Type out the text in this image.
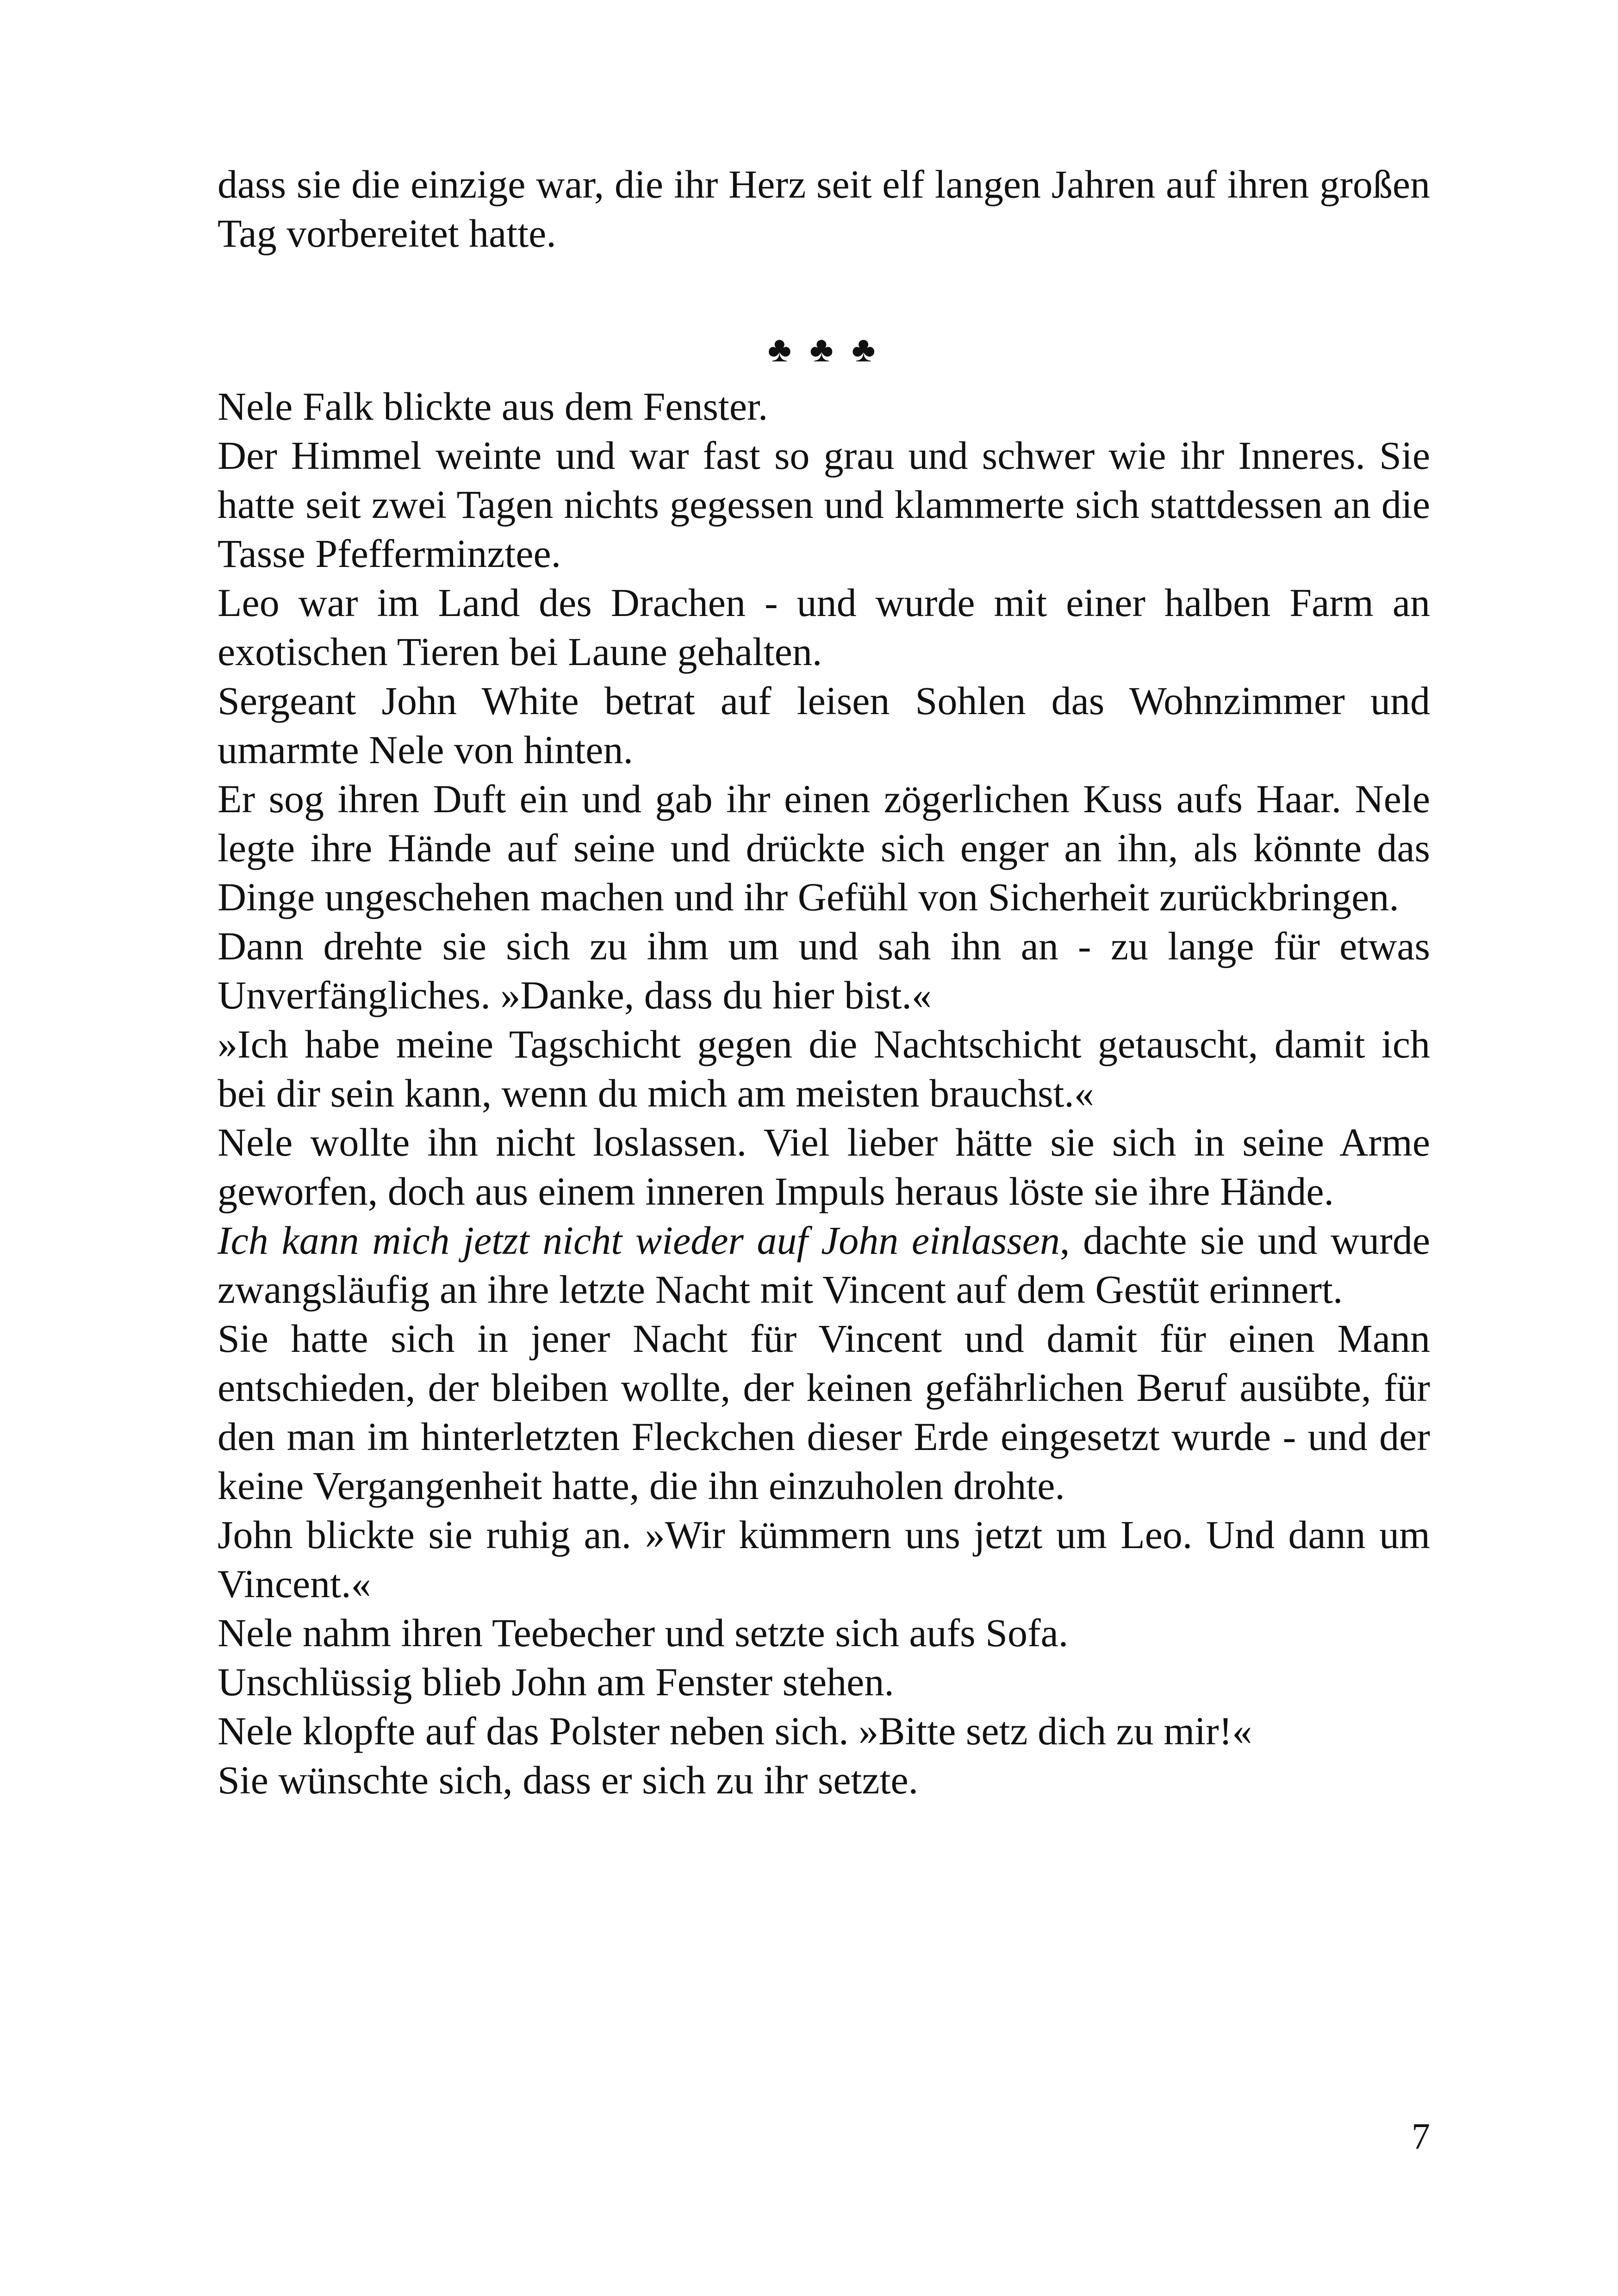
dass sie die einzige war, die ihr Herz seit elf langen Jahren auf ihren großen Tag vorbereitet hatte.

♣ ♣ ♣

Nele Falk blickte aus dem Fenster.

Der Himmel weinte und war fast so grau und schwer wie ihr Inneres. Sie hatte seit zwei Tagen nichts gegessen und klammerte sich stattdessen an die Tasse Pfefferminztee.

Leo war im Land des Drachen - und wurde mit einer halben Farm an exotischen Tieren bei Laune gehalten.

Sergeant John White betrat auf leisen Sohlen das Wohnzimmer und umarmte Nele von hinten.

Er sog ihren Duft ein und gab ihr einen zögerlichen Kuss aufs Haar. Nele legte ihre Hände auf seine und drückte sich enger an ihn, als könnte das Dinge ungeschehen machen und ihr Gefühl von Sicherheit zurückbringen.

Dann drehte sie sich zu ihm um und sah ihn an - zu lange für etwas Unverfängliches. »Danke, dass du hier bist.«

»Ich habe meine Tagschicht gegen die Nachtschicht getauscht, damit ich bei dir sein kann, wenn du mich am meisten brauchst.«

Nele wollte ihn nicht loslassen. Viel lieber hätte sie sich in seine Arme geworfen, doch aus einem inneren Impuls heraus löste sie ihre Hände.

Ich kann mich jetzt nicht wieder auf John einlassen, dachte sie und wurde zwangsläufig an ihre letzte Nacht mit Vincent auf dem Gestüt erinnert.

Sie hatte sich in jener Nacht für Vincent und damit für einen Mann entschieden, der bleiben wollte, der keinen gefährlichen Beruf ausübte, für den man im hinterletzten Fleckchen dieser Erde eingesetzt wurde - und der keine Vergangenheit hatte, die ihn einzuholen drohte.

John blickte sie ruhig an. »Wir kümmern uns jetzt um Leo. Und dann um Vincent.«

Nele nahm ihren Teebecher und setzte sich aufs Sofa.

Unschlüssig blieb John am Fenster stehen.

Nele klopfte auf das Polster neben sich. »Bitte setz dich zu mir!«

Sie wünschte sich, dass er sich zu ihr setzte.

7
